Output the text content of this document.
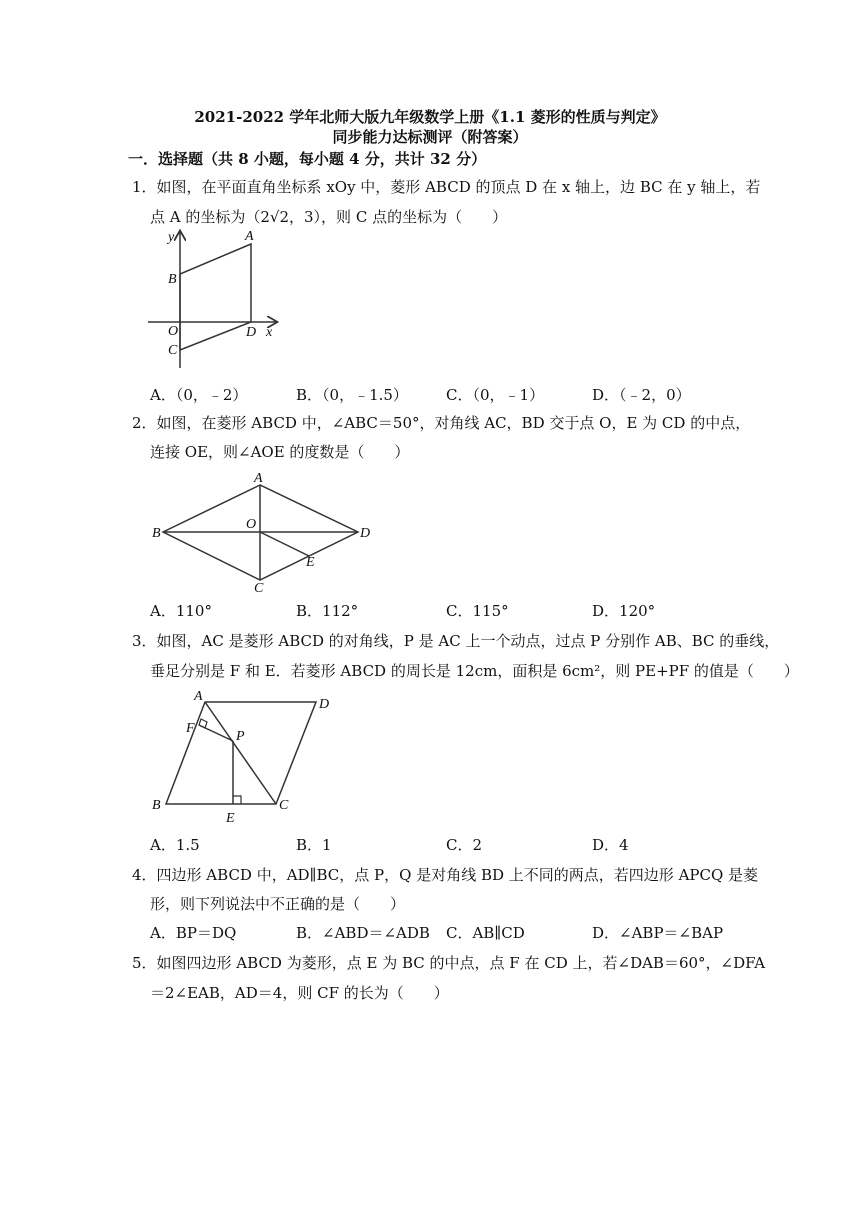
2021-2022 学年北师大版九年级数学上册《1.1 菱形的性质与判定》
同步能力达标测评（附答案）
一．选择题（共 8 小题，每小题 4 分，共计 32 分）
1．如图，在平面直角坐标系 xOy 中，菱形 ABCD 的顶点 D 在 x 轴上，边 BC 在 y 轴上，若
点 A 的坐标为（2√2，3），则 C 点的坐标为（　　）
y	A
B
O
C
D x
A．（0，﹣2）	B．（0，﹣1.5）	C．（0，﹣1）	D．（﹣2，0）
2．如图，在菱形 ABCD 中，∠ABC＝50°，对角线 AC，BD 交于点 O，E 为 CD 的中点，
连接 OE，则∠AOE 的度数是（　　）
A
B
O
D
E
C
A．110°	B．112°	C．115°	D．120°
3．如图，AC 是菱形 ABCD 的对角线，P 是 AC 上一个动点，过点 P 分别作 AB、BC 的垂线，
垂足分别是 F 和 E．若菱形 ABCD 的周长是 12cm，面积是 6cm²，则 PE+PF 的值是（　　）
A
D
F
P
B	C
E
A．1.5	B．1	C．2	D．4
4．四边形 ABCD 中，AD∥BC，点 P，Q 是对角线 BD 上不同的两点，若四边形 APCQ 是菱
形，则下列说法中不正确的是（　　）
A．BP＝DQ	B．∠ABD＝∠ADB C．AB∥CD	D．∠ABP＝∠BAP
5．如图四边形 ABCD 为菱形，点 E 为 BC 的中点，点 F 在 CD 上，若∠DAB＝60°，∠DFA
＝2∠EAB，AD＝4，则 CF 的长为（　　）
